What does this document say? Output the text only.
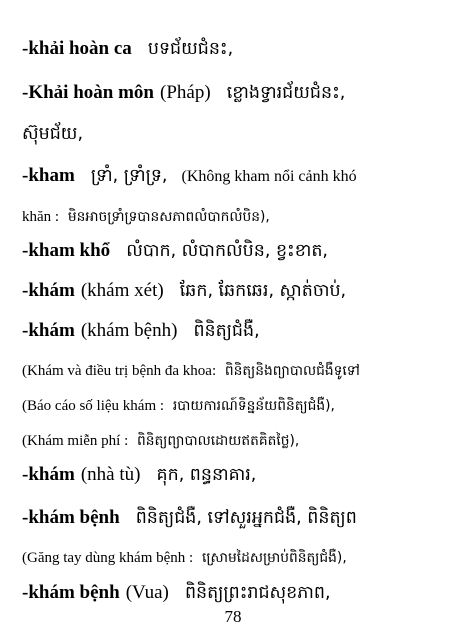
-khải hoàn ca បទជ័យជំនះ,
-Khải hoàn môn (Pháp) ខ្លោងទ្វារជ័យជំនះ,
ស៊ុមជ័យ,
-kham ទ្រាំ, ទ្រាំទ្រ, (Không kham nổi cảnh khó
khăn : មិនអាចទ្រាំទ្របានសភាពលំបាកលំបិន),
-kham khổ លំបាក, លំបាកលំបិន, ខ្វះខាត,
-khám (khám xét) ឆែក, ឆែកឆេរ, ស្កាត់ចាប់,
-khám (khám bệnh) ពិនិត្យជំងឺ,
(Khám và điều trị bệnh đa khoa: ពិនិត្យនិងព្យាបាលជំងឺទូទៅ
(Báo cáo số liệu khám : របាយការណ៍ទិន្នន័យពិនិត្យជំងឺ),
(Khám miễn phí : ពិនិត្យព្យាបាលដោយឥតគិតថ្លៃ),
-khám (nhà tù) គុក, ពន្ធនាគារ,
-khám bệnh ពិនិត្យជំងឺ, ទៅសួរអ្នកជំងឺ, ពិនិត្យព
(Găng tay dùng khám bệnh : ស្រោមដៃសម្រាប់ពិនិត្យជំងឺ),
-khám bệnh (Vua) ពិនិត្យព្រះរាជសុខភាព,
78
